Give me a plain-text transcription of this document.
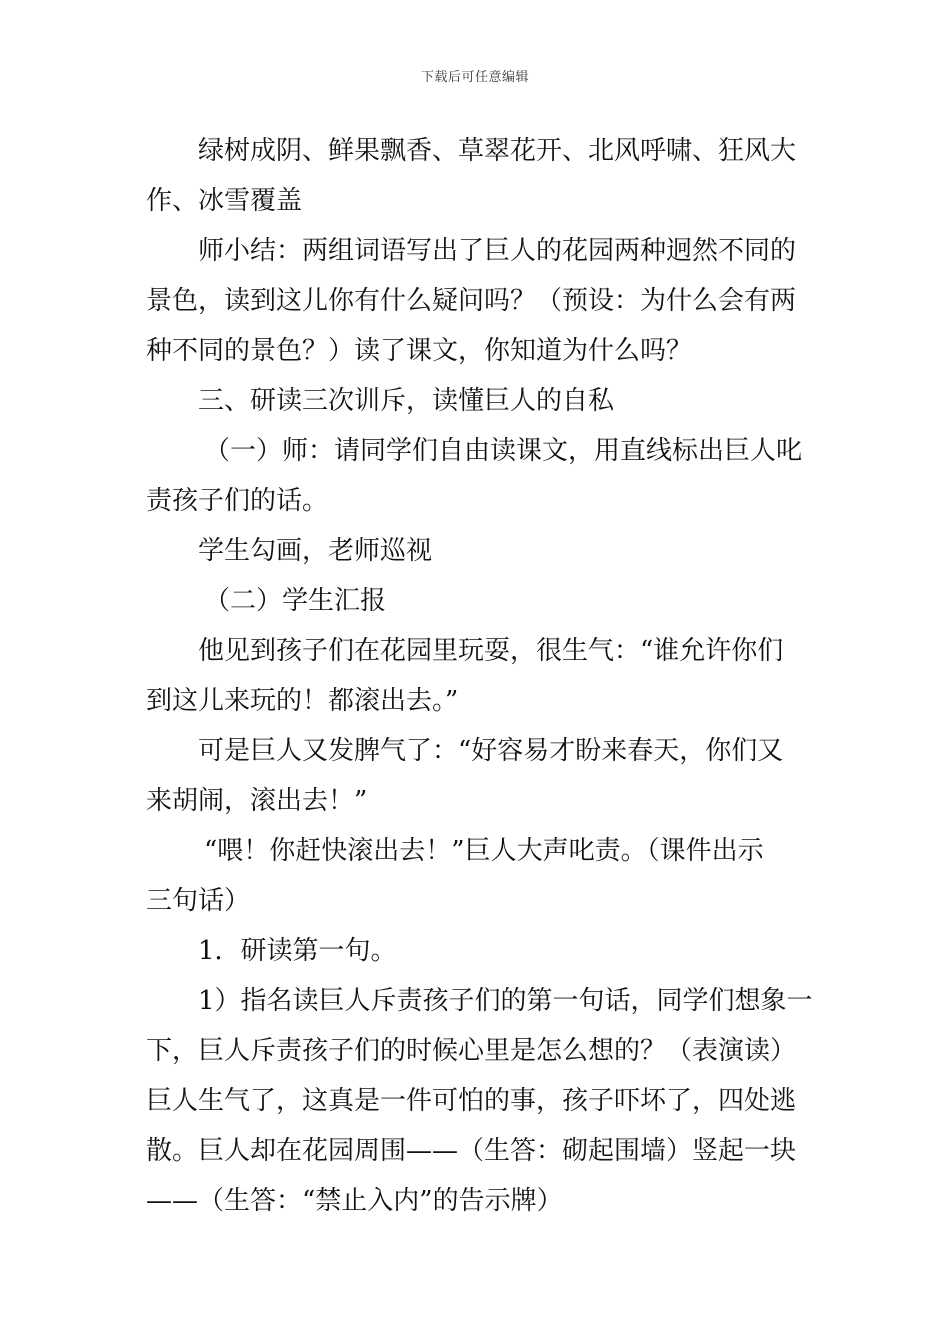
下载后可任意编辑

绿树成阴、鲜果飘香、草翠花开、北风呼啸、狂风大

作、冰雪覆盖

师小结：两组词语写出了巨人的花园两种迥然不同的

景色，读到这儿你有什么疑问吗？（预设：为什么会有两

种不同的景色？）读了课文，你知道为什么吗？

三、研读三次训斥，读懂巨人的自私

（一）师：请同学们自由读课文，用直线标出巨人叱

责孩子们的话。

学生勾画，老师巡视

（二）学生汇报

他见到孩子们在花园里玩耍，很生气：“谁允许你们

到这儿来玩的！都滚出去。”

可是巨人又发脾气了：“好容易才盼来春天，你们又

来胡闹，滚出去！”

“喂！你赶快滚出去！”巨人大声叱责。（课件出示

三句话）

1．研读第一句。

1）指名读巨人斥责孩子们的第一句话，同学们想象一

下，巨人斥责孩子们的时候心里是怎么想的？（表演读）

巨人生气了，这真是一件可怕的事，孩子吓坏了，四处逃

散。巨人却在花园周围——（生答：砌起围墙）竖起一块

——（生答：“禁止入内”的告示牌）
